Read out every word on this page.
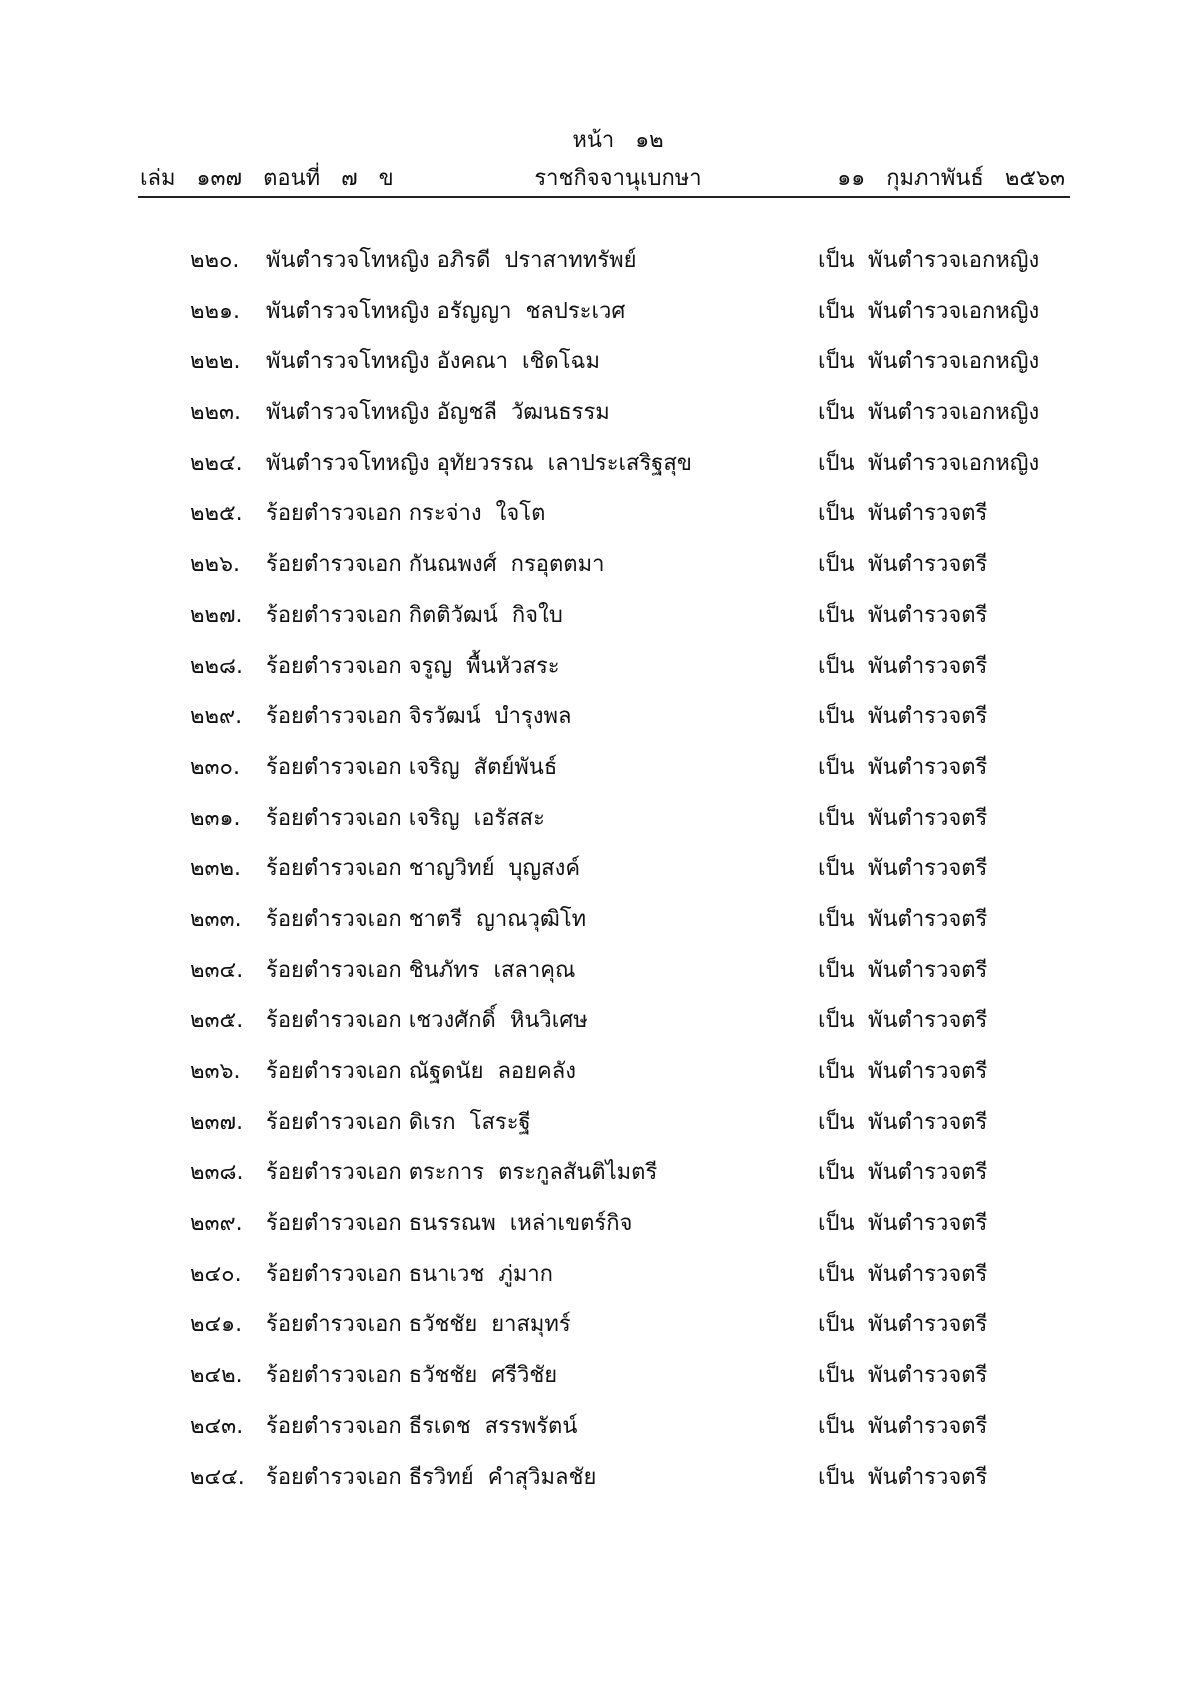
หน้า ๑๒
เล่ม ๑๓๗ ตอนที่ ๗ ข	ราชกิจจานุเบกษา	๑๑ กุมภาพันธ์ ๒๕๖๓
๒๒๐.	พันตำรวจโทหญิง อภิรดี ปราสาททรัพย์	เป็น พันตำรวจเอกหญิง
๒๒๑.	พันตำรวจโทหญิง อรัญญา ชลประเวศ	เป็น พันตำรวจเอกหญิง
๒๒๒.	พันตำรวจโทหญิง อังคณา เชิดโฉม	เป็น พันตำรวจเอกหญิง
๒๒๓.	พันตำรวจโทหญิง อัญชลี วัฒนธรรม	เป็น พันตำรวจเอกหญิง
๒๒๔.	พันตำรวจโทหญิง อุทัยวรรณ เลาประเสริฐสุข	เป็น พันตำรวจเอกหญิง
๒๒๕.	ร้อยตำรวจเอก กระจ่าง ใจโต	เป็น พันตำรวจตรี
๒๒๖.	ร้อยตำรวจเอก กันณพงศ์ กรอุตตมา	เป็น พันตำรวจตรี
๒๒๗.	ร้อยตำรวจเอก กิตติวัฒน์ กิจใบ	เป็น พันตำรวจตรี
๒๒๘.	ร้อยตำรวจเอก จรูญ พื้นหัวสระ	เป็น พันตำรวจตรี
๒๒๙.	ร้อยตำรวจเอก จิรวัฒน์ บำรุงพล	เป็น พันตำรวจตรี
๒๓๐.	ร้อยตำรวจเอก เจริญ สัตย์พันธ์	เป็น พันตำรวจตรี
๒๓๑.	ร้อยตำรวจเอก เจริญ เอรัสสะ	เป็น พันตำรวจตรี
๒๓๒.	ร้อยตำรวจเอก ชาญวิทย์ บุญสงค์	เป็น พันตำรวจตรี
๒๓๓.	ร้อยตำรวจเอก ชาตรี ญาณวุฒิโท	เป็น พันตำรวจตรี
๒๓๔.	ร้อยตำรวจเอก ชินภัทร เสลาคุณ	เป็น พันตำรวจตรี
๒๓๕.	ร้อยตำรวจเอก เชวงศักดิ์ หินวิเศษ	เป็น พันตำรวจตรี
๒๓๖.	ร้อยตำรวจเอก ณัฐดนัย ลอยคลัง	เป็น พันตำรวจตรี
๒๓๗.	ร้อยตำรวจเอก ดิเรก โสระฐี	เป็น พันตำรวจตรี
๒๓๘.	ร้อยตำรวจเอก ตระการ ตระกูลสันติไมตรี	เป็น พันตำรวจตรี
๒๓๙.	ร้อยตำรวจเอก ธนรรณพ เหล่าเขตร์กิจ	เป็น พันตำรวจตรี
๒๔๐.	ร้อยตำรวจเอก ธนาเวช ภู่มาก	เป็น พันตำรวจตรี
๒๔๑.	ร้อยตำรวจเอก ธวัชชัย ยาสมุทร์	เป็น พันตำรวจตรี
๒๔๒.	ร้อยตำรวจเอก ธวัชชัย ศรีวิชัย	เป็น พันตำรวจตรี
๒๔๓.	ร้อยตำรวจเอก ธีรเดช สรรพรัตน์	เป็น พันตำรวจตรี
๒๔๔. ร้อยตำรวจเอก ธีรวิทย์ คำสุวิมลชัย	เป็น พันตำรวจตรี
